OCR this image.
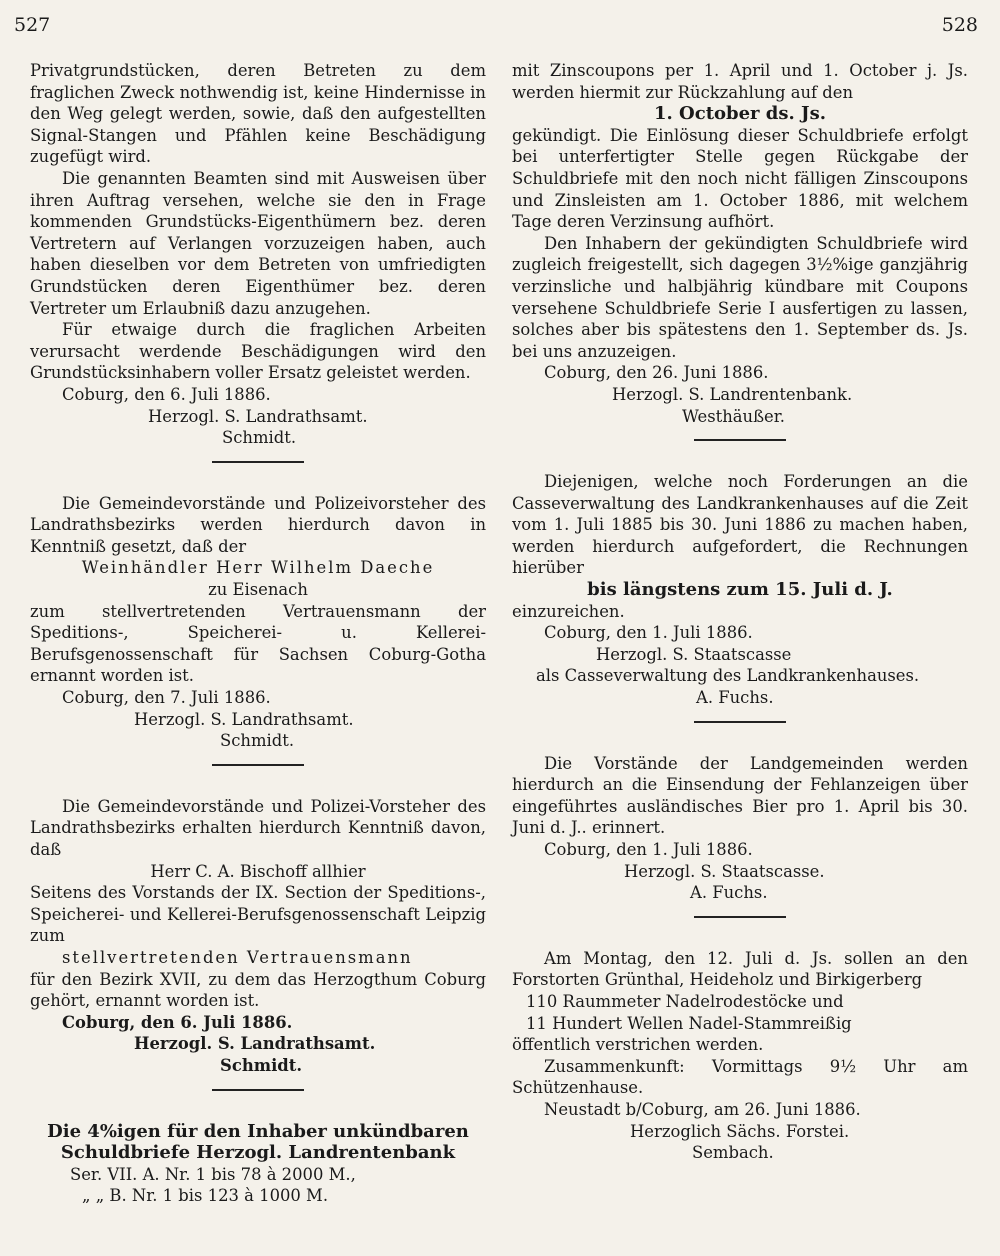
527	528

Privatgrundstücken, deren Betreten zu dem fraglichen Zweck nothwendig ist, keine Hindernisse in den Weg gelegt werden, sowie, daß den aufgestellten Signal-Stangen und Pfählen keine Beschädigung zugefügt wird.

Die genannten Beamten sind mit Ausweisen über ihren Auftrag versehen, welche sie den in Frage kommenden Grundstücks-Eigenthümern bez. deren Vertretern auf Verlangen vorzuzeigen haben, auch haben dieselben vor dem Betreten von umfriedigten Grundstücken deren Eigenthümer bez. deren Vertreter um Erlaubniß dazu anzugehen.

Für etwaige durch die fraglichen Arbeiten verursacht werdende Beschädigungen wird den Grundstücksinhabern voller Ersatz geleistet werden.

Coburg, den 6. Juli 1886.

Herzogl. S. Landrathsamt.

Schmidt.

Die Gemeindevorstände und Polizeivorsteher des Landrathsbezirks werden hierdurch davon in Kenntniß gesetzt, daß der

Weinhändler Herr Wilhelm Daeche

zu Eisenach

zum stellvertretenden Vertrauensmann der Speditions-, Speicherei- u. Kellerei-Berufsgenossenschaft für Sachsen Coburg-Gotha ernannt worden ist.

Coburg, den 7. Juli 1886.

Herzogl. S. Landrathsamt.

Schmidt.

Die Gemeindevorstände und Polizei-Vorsteher des Landrathsbezirks erhalten hierdurch Kenntniß davon, daß

Herr C. A. Bischoff allhier

Seitens des Vorstands der IX. Section der Speditions-, Speicherei- und Kellerei-Berufsgenossenschaft Leipzig zum

stellvertretenden Vertrauensmann

für den Bezirk XVII, zu dem das Herzogthum Coburg gehört, ernannt worden ist.

Coburg, den 6. Juli 1886.

Herzogl. S. Landrathsamt.

Schmidt.

Die 4%igen für den Inhaber unkündbaren Schuldbriefe Herzogl. Landrentenbank

Ser. VII. A. Nr. 1 bis 78 à 2000 M.,

„ „ B. Nr. 1 bis 123 à 1000 M.

mit Zinscoupons per 1. April und 1. October j. Js. werden hiermit zur Rückzahlung auf den

1. October ds. Js.

gekündigt. Die Einlösung dieser Schuldbriefe erfolgt bei unterfertigter Stelle gegen Rückgabe der Schuldbriefe mit den noch nicht fälligen Zinscoupons und Zinsleisten am 1. October 1886, mit welchem Tage deren Verzinsung aufhört.

Den Inhabern der gekündigten Schuldbriefe wird zugleich freigestellt, sich dagegen 3½%ige ganzjährig verzinsliche und halbjährig kündbare mit Coupons versehene Schuldbriefe Serie I ausfertigen zu lassen, solches aber bis spätestens den 1. September ds. Js. bei uns anzuzeigen.

Coburg, den 26. Juni 1886.

Herzogl. S. Landrentenbank.

Westhäußer.

Diejenigen, welche noch Forderungen an die Casseverwaltung des Landkrankenhauses auf die Zeit vom 1. Juli 1885 bis 30. Juni 1886 zu machen haben, werden hierdurch aufgefordert, die Rechnungen hierüber

bis längstens zum 15. Juli d. J.

einzureichen.

Coburg, den 1. Juli 1886.

Herzogl. S. Staatscasse

als Casseverwaltung des Landkrankenhauses.

A. Fuchs.

Die Vorstände der Landgemeinden werden hierdurch an die Einsendung der Fehlanzeigen über eingeführtes ausländisches Bier pro 1. April bis 30. Juni d. J.. erinnert.

Coburg, den 1. Juli 1886.

Herzogl. S. Staatscasse.

A. Fuchs.

Am Montag, den 12. Juli d. Js. sollen an den Forstorten Grünthal, Heideholz und Birkigerberg

110 Raummeter Nadelrodestöcke und

11 Hundert Wellen Nadel-Stammreißig

öffentlich verstrichen werden.

Zusammenkunft: Vormittags 9½ Uhr am Schützenhause.

Neustadt b/Coburg, am 26. Juni 1886.

Herzoglich Sächs. Forstei.

Sembach.
